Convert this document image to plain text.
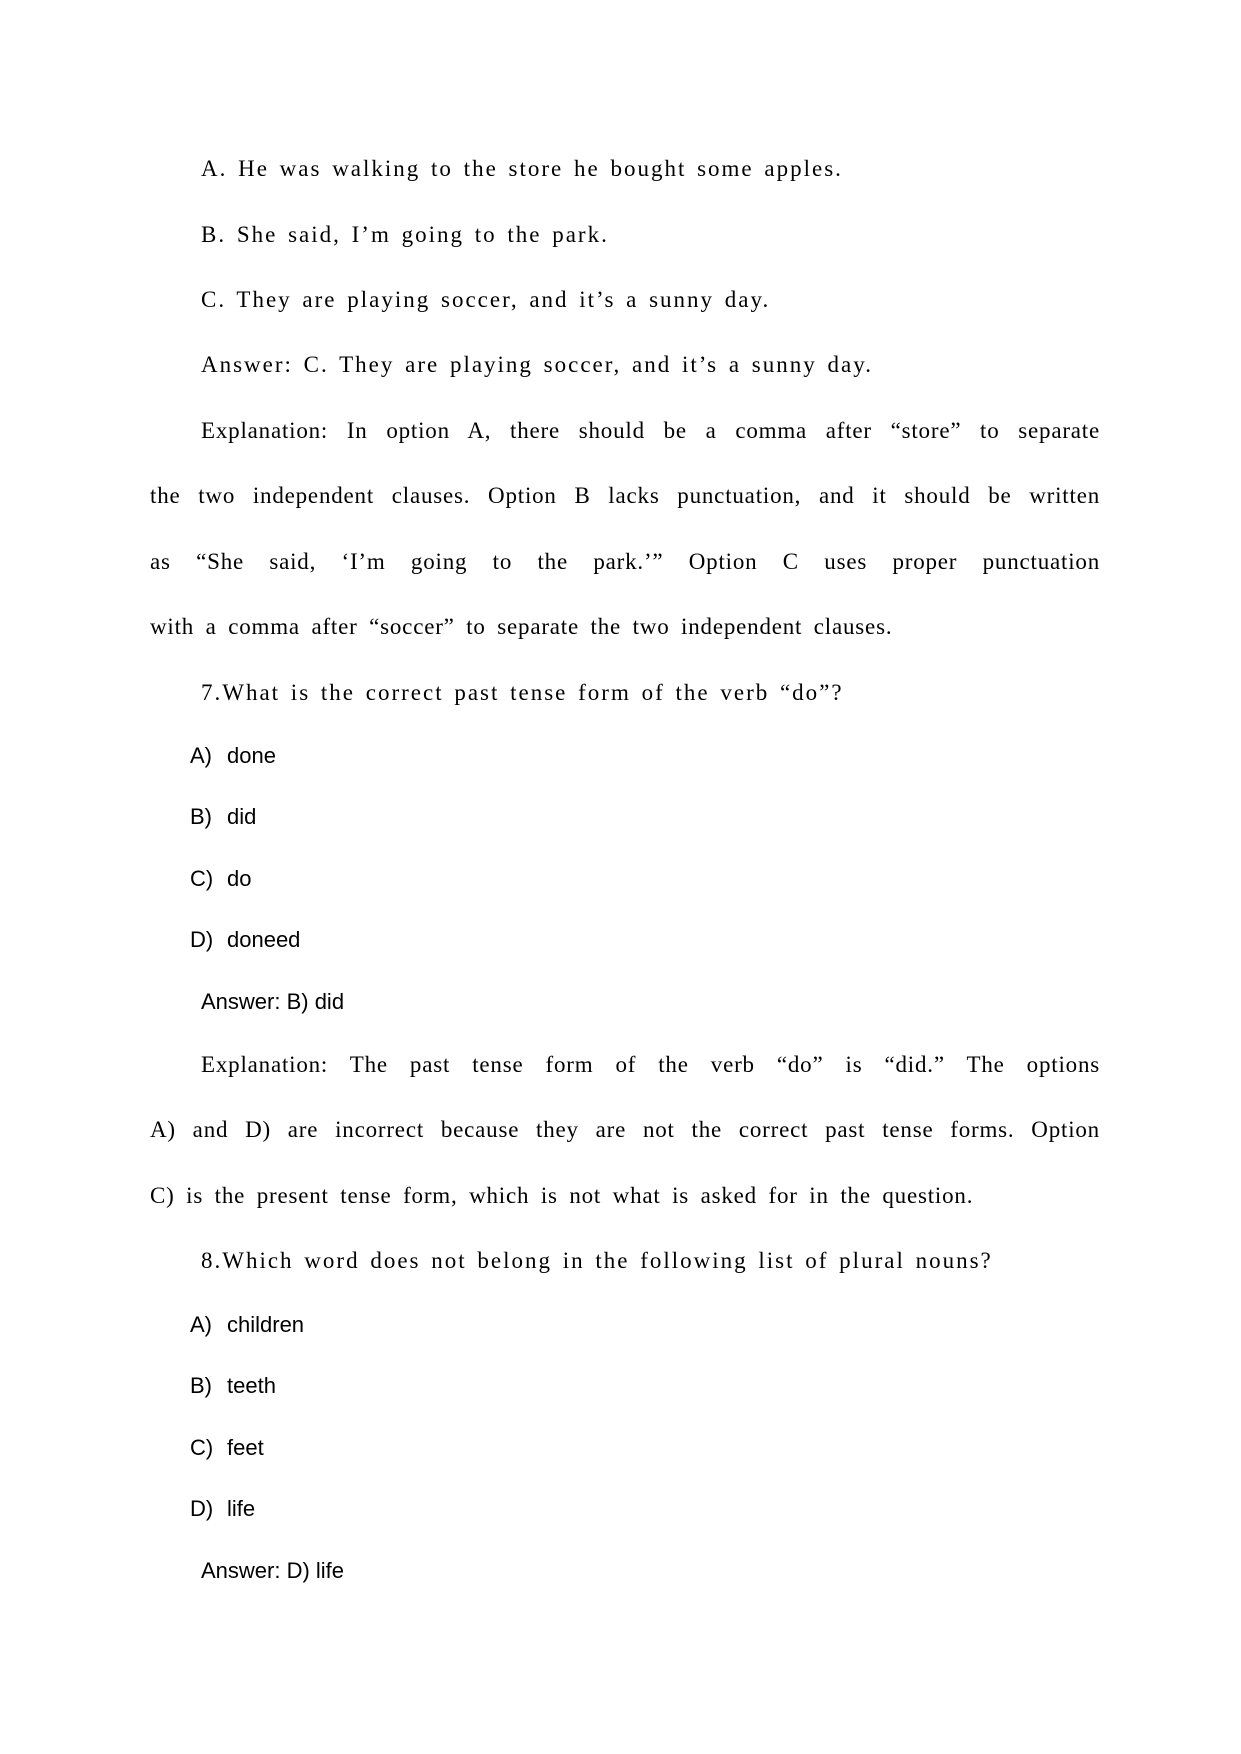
A. He was walking to the store he bought some apples.
B. She said, I’m going to the park.
C. They are playing soccer, and it’s a sunny day.
Answer: C. They are playing soccer, and it’s a sunny day.
Explanation: In option A, there should be a comma after “store” to separate
the two independent clauses. Option B lacks punctuation, and it should be written
as “She said, ‘I’m going to the park.’” Option C uses proper punctuation
with a comma after “soccer” to separate the two independent clauses.
7.What is the correct past tense form of the verb “do”?
A) done
B) did
C) do
D) doneed
Answer: B) did
Explanation: The past tense form of the verb “do” is “did.” The options
A) and D) are incorrect because they are not the correct past tense forms. Option
C) is the present tense form, which is not what is asked for in the question.
8.Which word does not belong in the following list of plural nouns?
A) children
B) teeth
C) feet
D) life
Answer: D) life
